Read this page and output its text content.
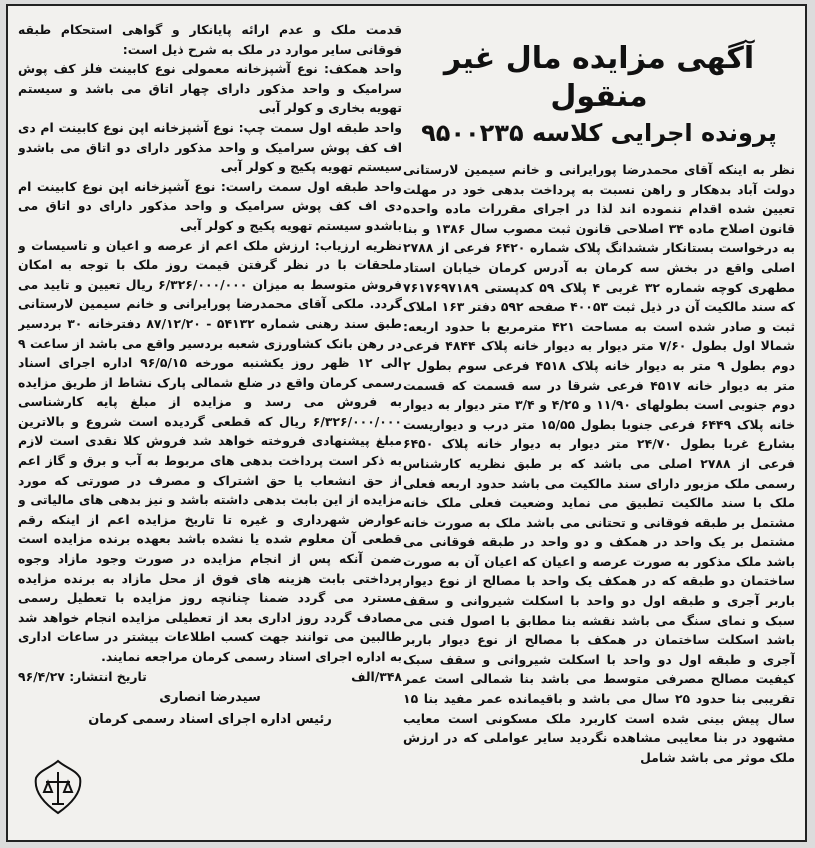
آگهی مزایده مال غیر منقول
پرونده اجرایی کلاسه ۹۵۰۰۲۳۵
نظر به اینکه آقای محمدرضا پورایرانی و خانم سیمین لارستانی دولت آباد بدهکار و راهن نسبت به پرداخت بدهی خود در مهلت تعیین شده اقدام ننموده اند لذا در اجرای مقررات ماده واحده قانون اصلاح ماده ۳۴ اصلاحی قانون ثبت مصوب سال ۱۳۸۶ و بنا به درخواست بستانکار ششدانگ پلاک شماره ۶۴۲۰ فرعی از ۲۷۸۸ اصلی واقع در بخش سه کرمان به آدرس کرمان خیابان استاد مطهری کوچه شماره ۳۲ غربی ۴ پلاک ۵۹ کدپستی ۷۶۱۷۶۹۷۱۸۹ که سند مالکیت آن در ذیل ثبت ۴۰۰۵۳ صفحه ۵۹۲ دفتر ۱۶۳ املاک ثبت و صادر شده است به مساحت ۴۲۱ مترمربع با حدود اربعه: شمالا اول بطول ۷/۶۰ متر دیوار به دیوار خانه پلاک ۴۸۴۴ فرعی دوم بطول ۹ متر به دیوار خانه پلاک ۴۵۱۸ فرعی سوم بطول ۲ متر به دیوار خانه ۴۵۱۷ فرعی شرقا در سه قسمت که قسمت دوم جنوبی است بطولهای ۱۱/۹۰ و ۴/۲۵ و ۳/۴ متر دیوار به دیوار خانه پلاک ۶۴۴۹ فرعی جنوبا بطول ۱۵/۵۵ متر درب و دیواریست بشارع غربا بطول ۲۴/۷۰ متر دیوار به دیوار خانه پلاک ۶۴۵۰ فرعی از ۲۷۸۸ اصلی می باشد که بر طبق نظریه کارشناس رسمی ملک مزبور دارای سند مالکیت می باشد حدود اربعه فعلی ملک با سند مالکیت تطبیق می نماید وضعیت فعلی ملک خانه مشتمل بر طبقه فوقانی و تحتانی می باشد ملک به صورت خانه مشتمل بر یک واحد در همکف و دو واحد در طبقه فوقانی می باشد ملک مذکور به صورت عرصه و اعیان که اعیان آن به صورت ساختمان دو طبقه که در همکف یک واحد با مصالح از نوع دیوار باربر آجری و طبقه اول دو واحد با اسکلت شیروانی و سقف سبک و نمای سنگ می باشد نقشه بنا مطابق با اصول فنی می باشد اسکلت ساختمان در همکف با مصالح از نوع دیوار باربر آجری و طبقه اول دو واحد با اسکلت شیروانی و سقف سبک کیفیت مصالح مصرفی متوسط می باشد بنا شمالی است عمر تقریبی بنا حدود ۲۵ سال می باشد و باقیمانده عمر مفید بنا ۱۵ سال پیش بینی شده است کاربرد ملک مسکونی است معایب مشهود در بنا معایبی مشاهده نگردید سایر عواملی که در ارزش ملک موثر می باشد شامل
قدمت ملک و عدم ارائه پایانکار و گواهی استحکام طبقه فوقانی سایر موارد در ملک به شرح ذیل است:
واحد همکف: نوع آشپزخانه معمولی نوع کابینت فلز کف پوش سرامیک و واحد مذکور دارای چهار اتاق می باشد و سیستم تهویه بخاری و کولر آبی
واحد طبقه اول سمت چپ: نوع آشپزخانه اپن نوع کابینت ام دی اف کف پوش سرامیک و واحد مذکور دارای دو اتاق می باشدو سیستم تهویه پکیج و کولر آبی
واحد طبقه اول سمت راست: نوع آشپزخانه اپن نوع کابینت ام دی اف کف پوش سرامیک و واحد مذکور دارای دو اتاق می باشدو سیستم تهویه پکیج و کولر آبی
نظریه ارزیاب: ارزش ملک اعم از عرصه و اعیان و تاسیسات و ملحقات با در نظر گرفتن قیمت روز ملک با توجه به امکان فروش متوسط به میزان ۶/۳۲۶/۰۰۰/۰۰۰ ریال تعیین و تایید می گردد. ملکی آقای محمدرضا پورایرانی و خانم سیمین لارستانی طبق سند رهنی شماره ۵۴۱۳۲ - ۸۷/۱۲/۲۰ دفترخانه ۳۰ بردسیر در رهن بانک کشاورزی شعبه بردسیر واقع می باشد از ساعت ۹ الی ۱۲ ظهر روز یکشنبه مورخه ۹۶/۵/۱۵ اداره اجرای اسناد رسمی کرمان واقع در ضلع شمالی پارک نشاط از طریق مزایده به فروش می رسد و مزایده از مبلغ پایه کارشناسی ۶/۳۲۶/۰۰۰/۰۰۰ ریال که قطعی گردیده است شروع و بالاترین مبلغ پیشنهادی فروخته خواهد شد فروش کلا نقدی است لازم به ذکر است پرداخت بدهی های مربوط به آب و برق و گاز اعم از حق انشعاب یا حق اشتراک و مصرف در صورتی که مورد مزایده از این بابت بدهی داشته باشد و نیز بدهی های مالیاتی و عوارض شهرداری و غیره تا تاریخ مزایده اعم از اینکه رقم قطعی آن معلوم شده یا نشده باشد بعهده برنده مزایده است ضمن آنکه پس از انجام مزایده در صورت وجود مازاد وجوه پرداختی بابت هزینه های فوق از محل مازاد به برنده مزایده مسترد می گردد ضمنا چنانچه روز مزایده با تعطیل رسمی مصادف گردد روز اداری بعد از تعطیلی مزایده انجام خواهد شد طالبین می توانند جهت کسب اطلاعات بیشتر در ساعات اداری به اداره اجرای اسناد رسمی کرمان مراجعه نمایند.
۳۴۸/الف
تاریخ انتشار: ۹۶/۴/۲۷
سیدرضا انصاری
رئیس اداره اجرای اسناد رسمی کرمان
